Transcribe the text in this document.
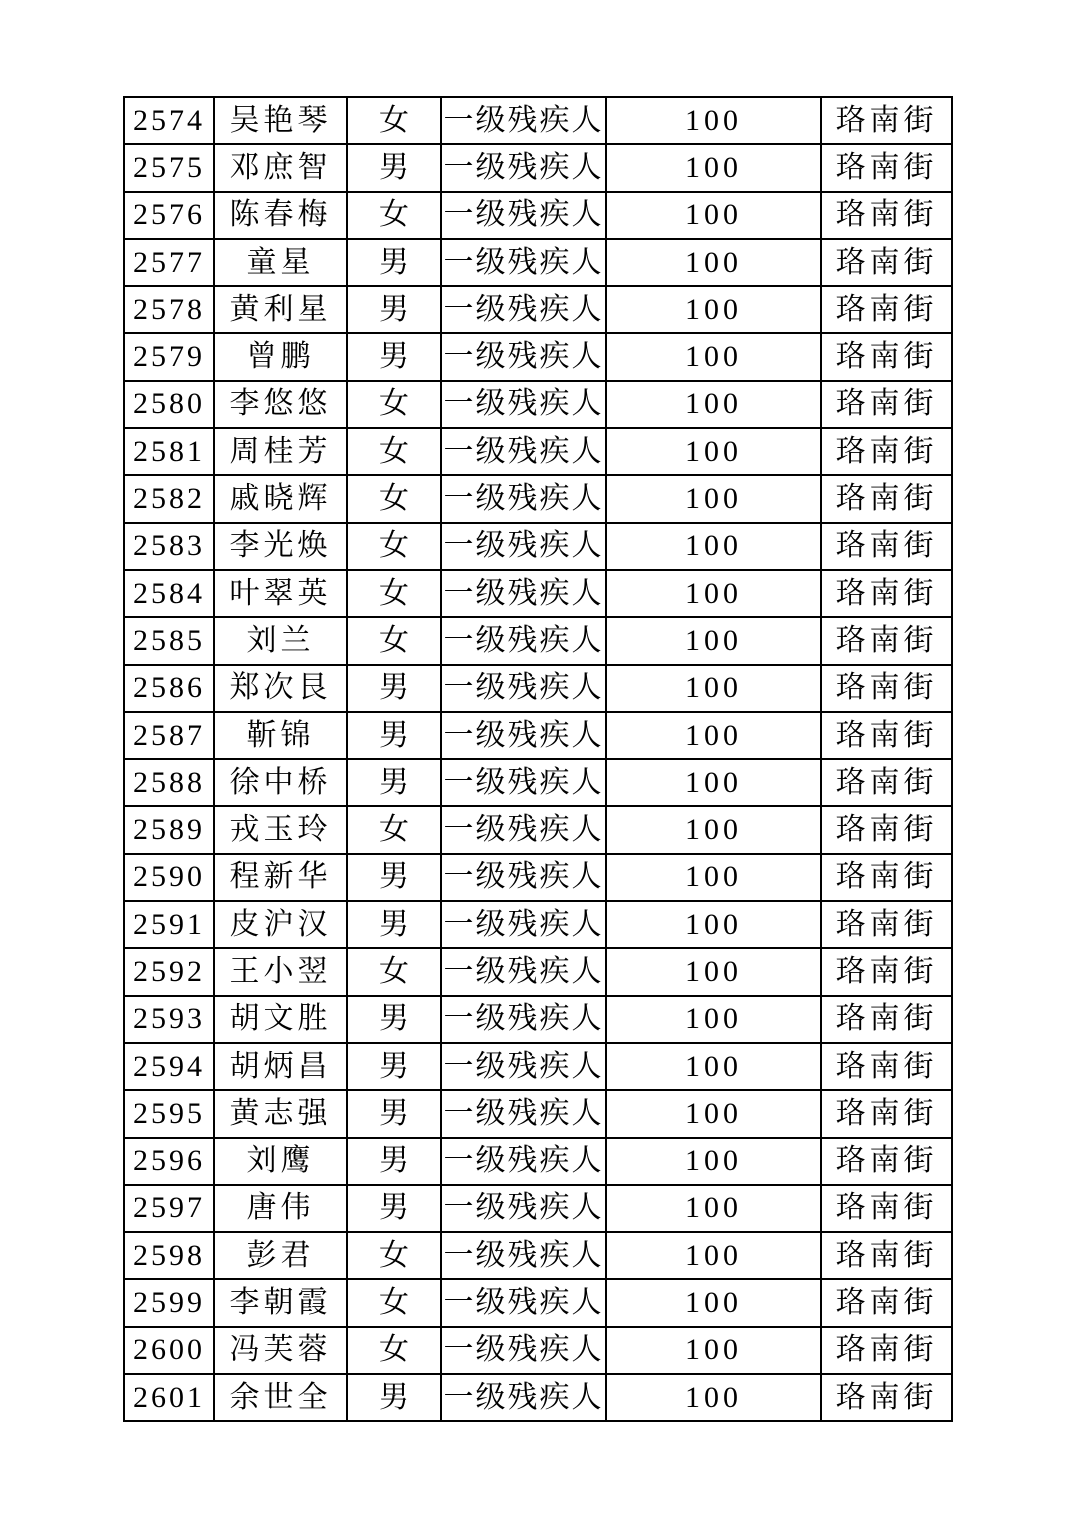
2574	吴艳琴	女	一级残疾人	100	珞南街
2575	邓庶智	男	一级残疾人	100	珞南街
2576	陈春梅	女	一级残疾人	100	珞南街
2577	童星	男	一级残疾人	100	珞南街
2578	黄利星	男	一级残疾人	100	珞南街
2579	曾鹏	男	一级残疾人	100	珞南街
2580	李悠悠	女	一级残疾人	100	珞南街
2581	周桂芳	女	一级残疾人	100	珞南街
2582	戚晓辉	女	一级残疾人	100	珞南街
2583	李光焕	女	一级残疾人	100	珞南街
2584	叶翠英	女	一级残疾人	100	珞南街
2585	刘兰	女	一级残疾人	100	珞南街
2586	郑次艮	男	一级残疾人	100	珞南街
2587	靳锦	男	一级残疾人	100	珞南街
2588	徐中桥	男	一级残疾人	100	珞南街
2589	戎玉玲	女	一级残疾人	100	珞南街
2590	程新华	男	一级残疾人	100	珞南街
2591	皮沪汉	男	一级残疾人	100	珞南街
2592	王小翌	女	一级残疾人	100	珞南街
2593	胡文胜	男	一级残疾人	100	珞南街
2594	胡炳昌	男	一级残疾人	100	珞南街
2595	黄志强	男	一级残疾人	100	珞南街
2596	刘鹰	男	一级残疾人	100	珞南街
2597	唐伟	男	一级残疾人	100	珞南街
2598	彭君	女	一级残疾人	100	珞南街
2599	李朝霞	女	一级残疾人	100	珞南街
2600	冯芙蓉	女	一级残疾人	100	珞南街
2601	余世全	男	一级残疾人	100	珞南街
